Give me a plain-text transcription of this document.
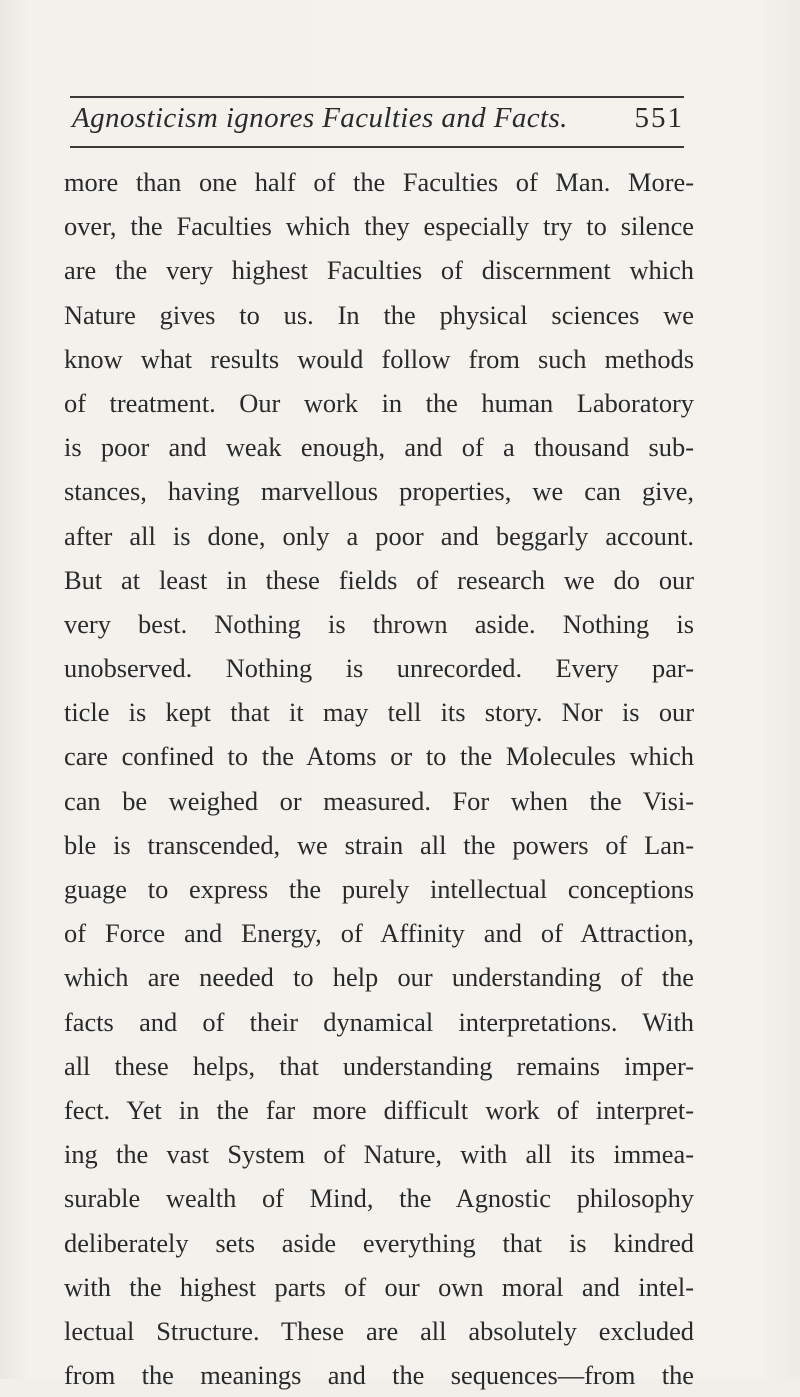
Agnosticism ignores Faculties and Facts. 551
more than one half of the Faculties of Man. More-
over, the Faculties which they especially try to silence
are the very highest Faculties of discernment which
Nature gives to us. In the physical sciences we
know what results would follow from such methods
of treatment. Our work in the human Laboratory
is poor and weak enough, and of a thousand sub-
stances, having marvellous properties, we can give,
after all is done, only a poor and beggarly account.
But at least in these fields of research we do our
very best. Nothing is thrown aside. Nothing is
unobserved. Nothing is unrecorded. Every par-
ticle is kept that it may tell its story. Nor is our
care confined to the Atoms or to the Molecules which
can be weighed or measured. For when the Visi-
ble is transcended, we strain all the powers of Lan-
guage to express the purely intellectual conceptions
of Force and Energy, of Affinity and of Attraction,
which are needed to help our understanding of the
facts and of their dynamical interpretations. With
all these helps, that understanding remains imper-
fect. Yet in the far more difficult work of interpret-
ing the vast System of Nature, with all its immea-
surable wealth of Mind, the Agnostic philosophy
deliberately sets aside everything that is kindred
with the highest parts of our own moral and intel-
lectual Structure. These are all absolutely excluded
from the meanings and the sequences—from the
